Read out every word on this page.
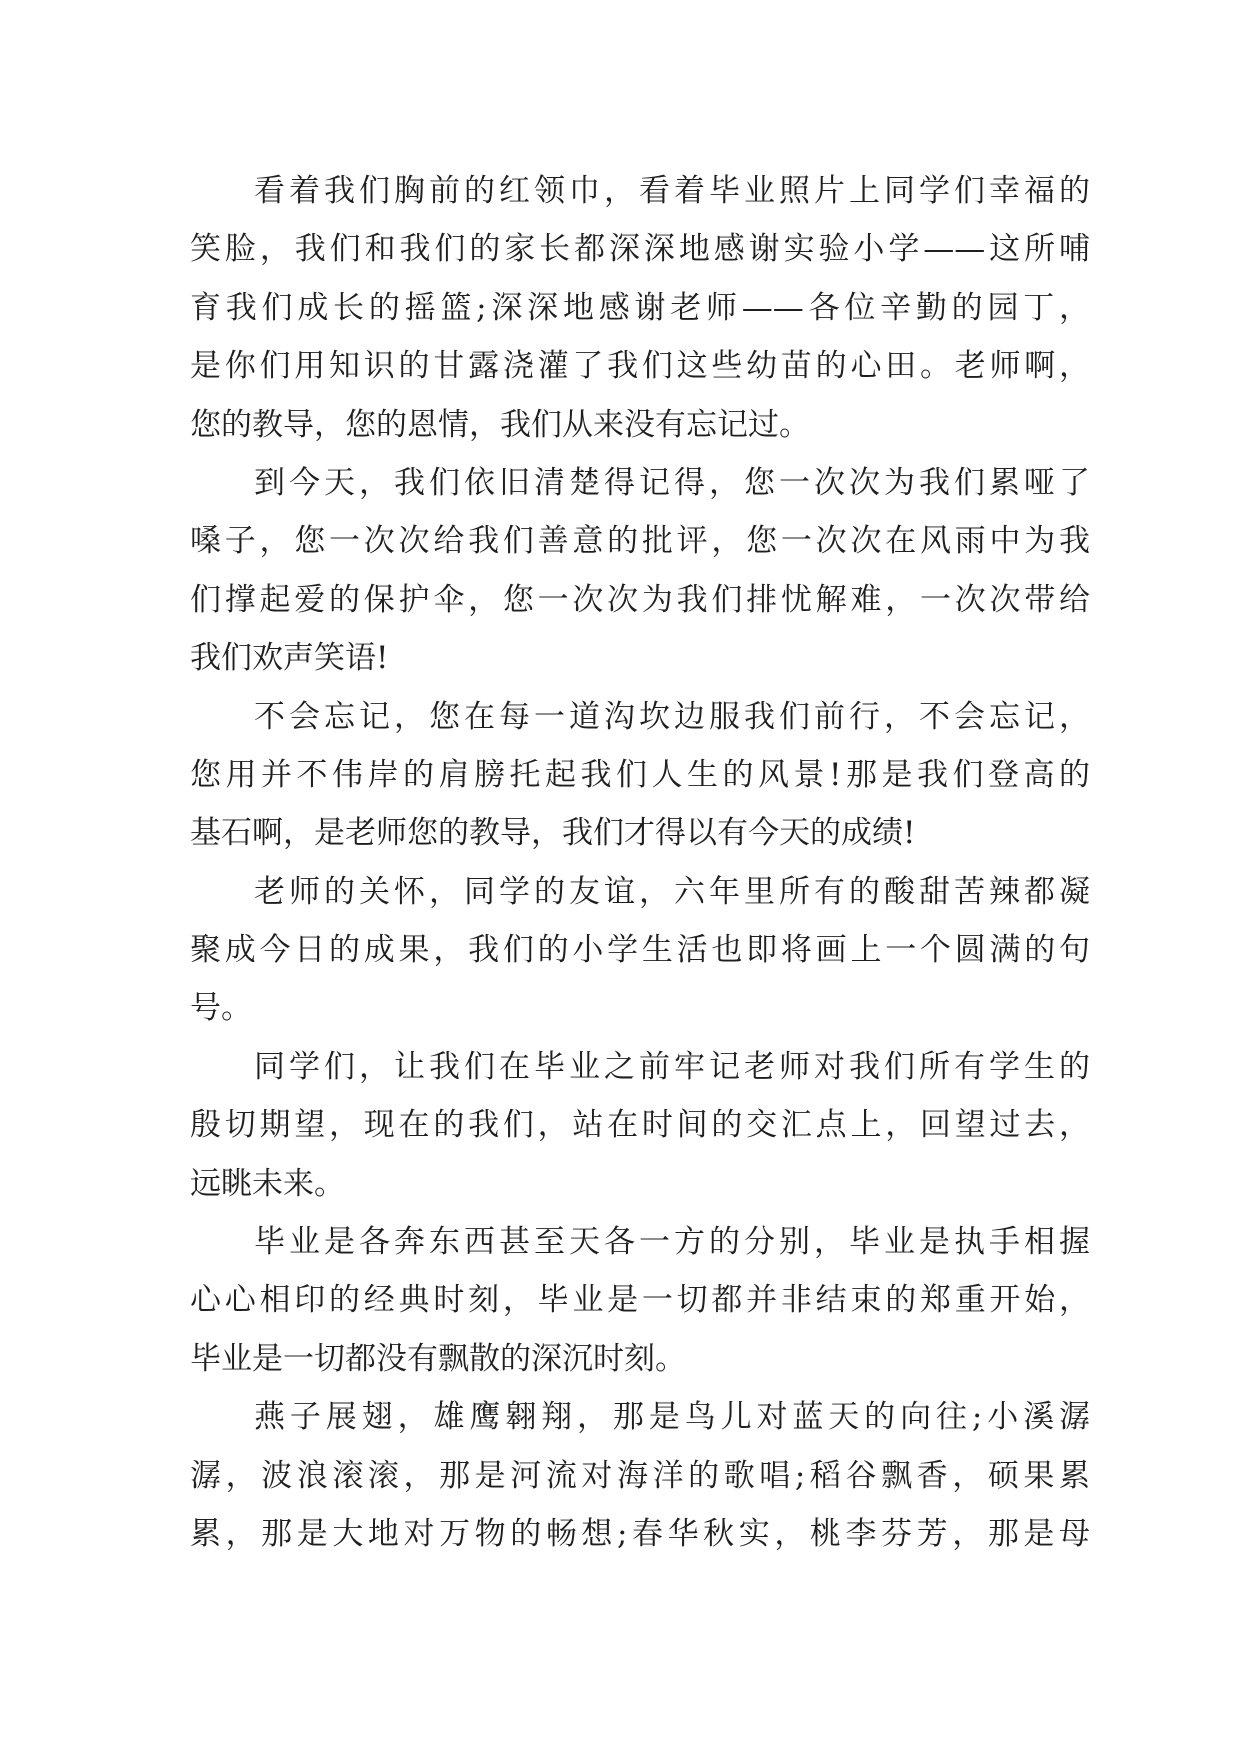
看着我们胸前的红领巾，看着毕业照片上同学们幸福的
笑脸，我们和我们的家长都深深地感谢实验小学——这所哺
育我们成长的摇篮;深深地感谢老师——各位辛勤的园丁，
是你们用知识的甘露浇灌了我们这些幼苗的心田。老师啊，
您的教导，您的恩情，我们从来没有忘记过。
到今天，我们依旧清楚得记得，您一次次为我们累哑了
嗓子，您一次次给我们善意的批评，您一次次在风雨中为我
们撑起爱的保护伞，您一次次为我们排忧解难，一次次带给
我们欢声笑语!
不会忘记，您在每一道沟坎边服我们前行，不会忘记，
您用并不伟岸的肩膀托起我们人生的风景!那是我们登高的
基石啊，是老师您的教导，我们才得以有今天的成绩!
老师的关怀，同学的友谊，六年里所有的酸甜苦辣都凝
聚成今日的成果，我们的小学生活也即将画上一个圆满的句
号。
同学们，让我们在毕业之前牢记老师对我们所有学生的
殷切期望，现在的我们，站在时间的交汇点上，回望过去，
远眺未来。
毕业是各奔东西甚至天各一方的分别，毕业是执手相握
心心相印的经典时刻，毕业是一切都并非结束的郑重开始，
毕业是一切都没有飘散的深沉时刻。
燕子展翅，雄鹰翱翔，那是鸟儿对蓝天的向往;小溪潺
潺，波浪滚滚，那是河流对海洋的歌唱;稻谷飘香，硕果累
累，那是大地对万物的畅想;春华秋实，桃李芬芳，那是母
